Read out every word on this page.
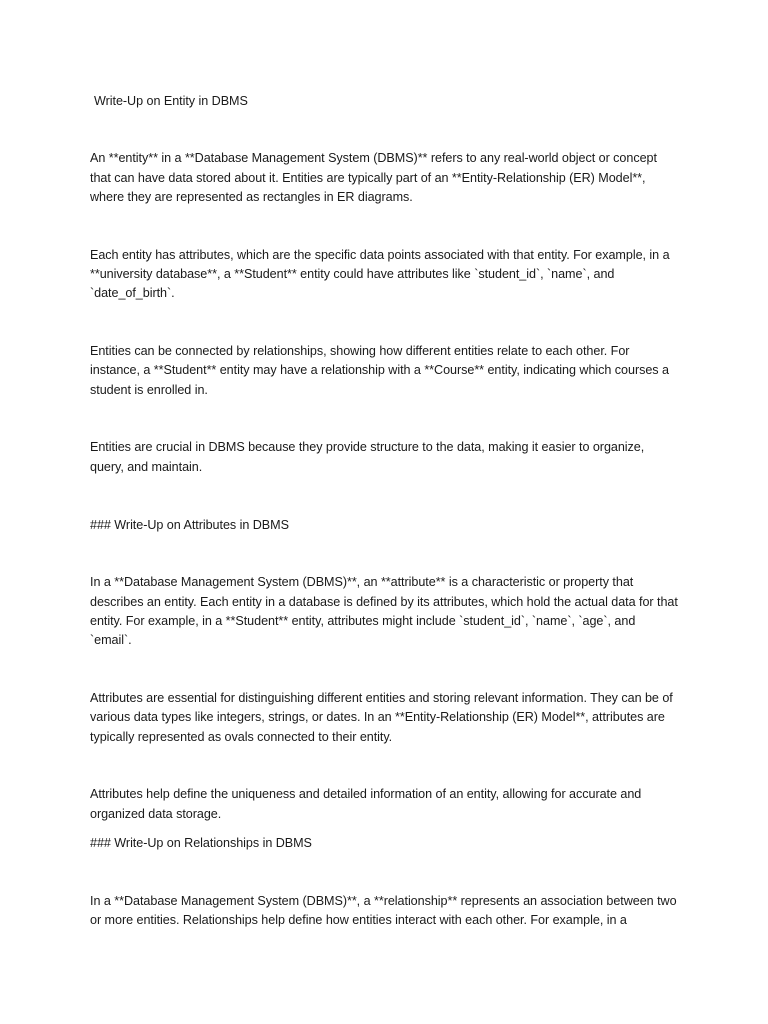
Write-Up on Entity in DBMS

An **entity** in a **Database Management System (DBMS)** refers to any real-world object or concept that can have data stored about it. Entities are typically part of an **Entity-Relationship (ER) Model**, where they are represented as rectangles in ER diagrams.

Each entity has attributes, which are the specific data points associated with that entity. For example, in a **university database**, a **Student** entity could have attributes like `student_id`, `name`, and `date_of_birth`.

Entities can be connected by relationships, showing how different entities relate to each other. For instance, a **Student** entity may have a relationship with a **Course** entity, indicating which courses a student is enrolled in.

Entities are crucial in DBMS because they provide structure to the data, making it easier to organize, query, and maintain.

### Write-Up on Attributes in DBMS

In a **Database Management System (DBMS)**, an **attribute** is a characteristic or property that describes an entity. Each entity in a database is defined by its attributes, which hold the actual data for that entity. For example, in a **Student** entity, attributes might include `student_id`, `name`, `age`, and `email`.

Attributes are essential for distinguishing different entities and storing relevant information. They can be of various data types like integers, strings, or dates. In an **Entity-Relationship (ER) Model**, attributes are typically represented as ovals connected to their entity.

Attributes help define the uniqueness and detailed information of an entity, allowing for accurate and organized data storage.

### Write-Up on Relationships in DBMS

In a **Database Management System (DBMS)**, a **relationship** represents an association between two or more entities. Relationships help define how entities interact with each other. For example, in a
